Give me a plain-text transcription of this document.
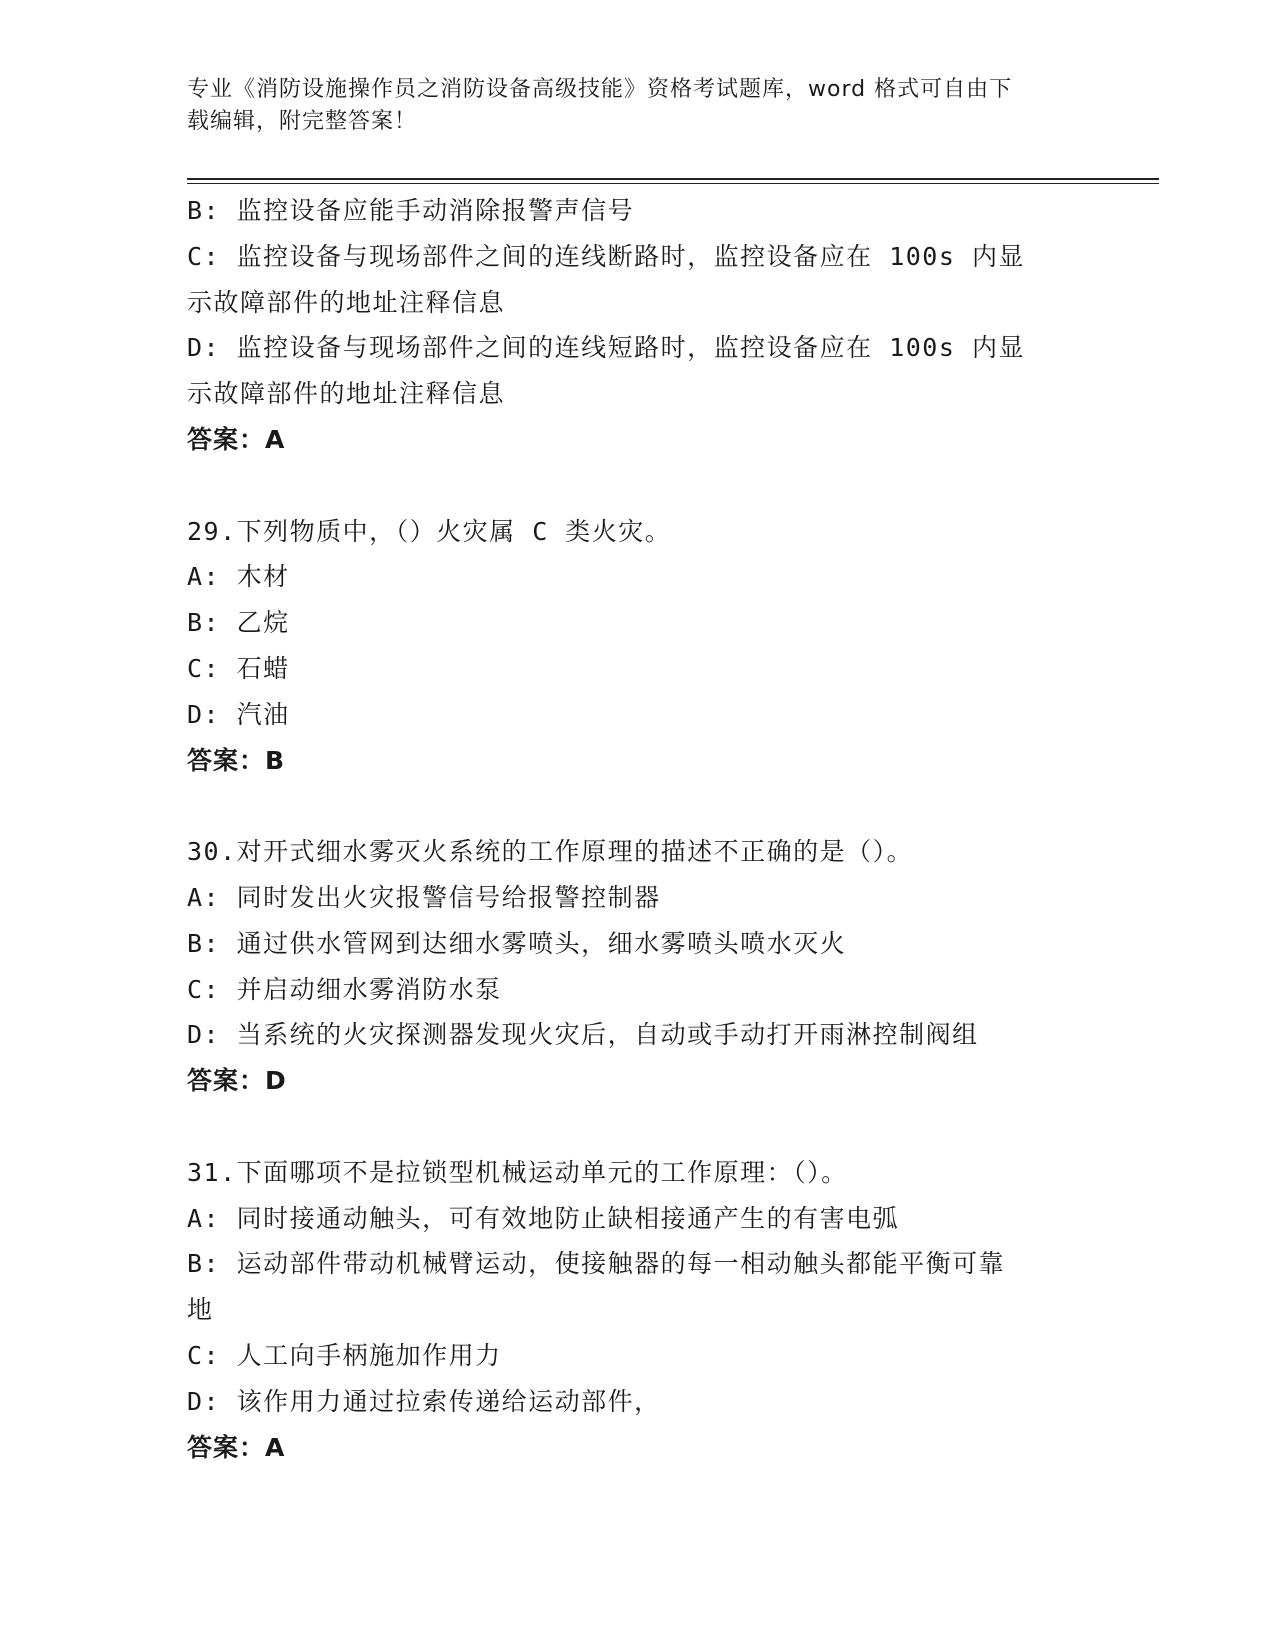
专业《消防设施操作员之消防设备高级技能》资格考试题库，word 格式可自由下
载编辑，附完整答案！
B: 监控设备应能手动消除报警声信号
C: 监控设备与现场部件之间的连线断路时，监控设备应在 100s 内显
示故障部件的地址注释信息
D: 监控设备与现场部件之间的连线短路时，监控设备应在 100s 内显
示故障部件的地址注释信息
答案：A
29.下列物质中，（）火灾属 C 类火灾。
A: 木材
B: 乙烷
C: 石蜡
D: 汽油
答案：B
30.对开式细水雾灭火系统的工作原理的描述不正确的是（）。
A: 同时发出火灾报警信号给报警控制器
B: 通过供水管网到达细水雾喷头，细水雾喷头喷水灭火
C: 并启动细水雾消防水泵
D: 当系统的火灾探测器发现火灾后，自动或手动打开雨淋控制阀组
答案：D
31.下面哪项不是拉锁型机械运动单元的工作原理：（）。
A: 同时接通动触头，可有效地防止缺相接通产生的有害电弧
B: 运动部件带动机械臂运动，使接触器的每一相动触头都能平衡可靠
地
C: 人工向手柄施加作用力
D: 该作用力通过拉索传递给运动部件，
答案：A
